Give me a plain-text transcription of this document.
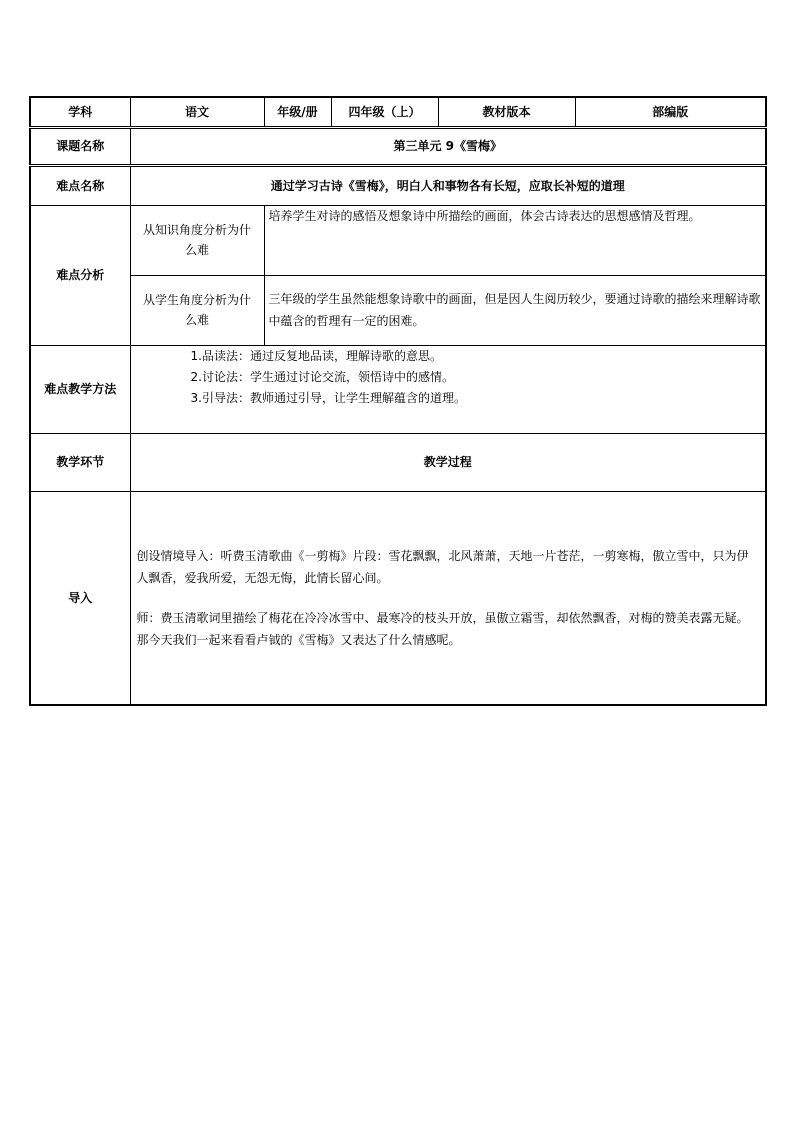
学科	语文	年级/册	四年级（上）	教材版本	部编版
课题名称	第三单元 9《雪梅》				
难点名称	通过学习古诗《雪梅》，明白人和事物各有长短，应取长补短的道理				
难点分析	从知识角度分析为什么难	培养学生对诗的感悟及想象诗中所描绘的画面，体会古诗表达的思想感情及哲理。			

	从学生角度分析为什么难	三年级的学生虽然能想象诗歌中的画面，但是因人生阅历较少，要通过诗歌的描绘来理解诗歌中蕴含的哲理有一定的困难。			
难点教学方法	1.品读法：通过反复地品读，理解诗歌的意思。
2.讨论法：学生通过讨论交流，领悟诗中的感情。
3.引导法：教师通过引导，让学生理解蕴含的道理。				

教学环节	教学过程				
导入	创设情境导入：听费玉清歌曲《一剪梅》片段：雪花飘飘，北风萧萧，天地一片苍茫，一剪寒梅，傲立雪中，只为伊人飘香，爱我所爱，无怨无悔，此情长留心间。

师：费玉清歌词里描绘了梅花在冷冷冰雪中、最寒冷的枝头开放，虽傲立霜雪，却依然飘香，对梅的赞美表露无疑。那今天我们一起来看看卢钺的《雪梅》又表达了什么情感呢。				
